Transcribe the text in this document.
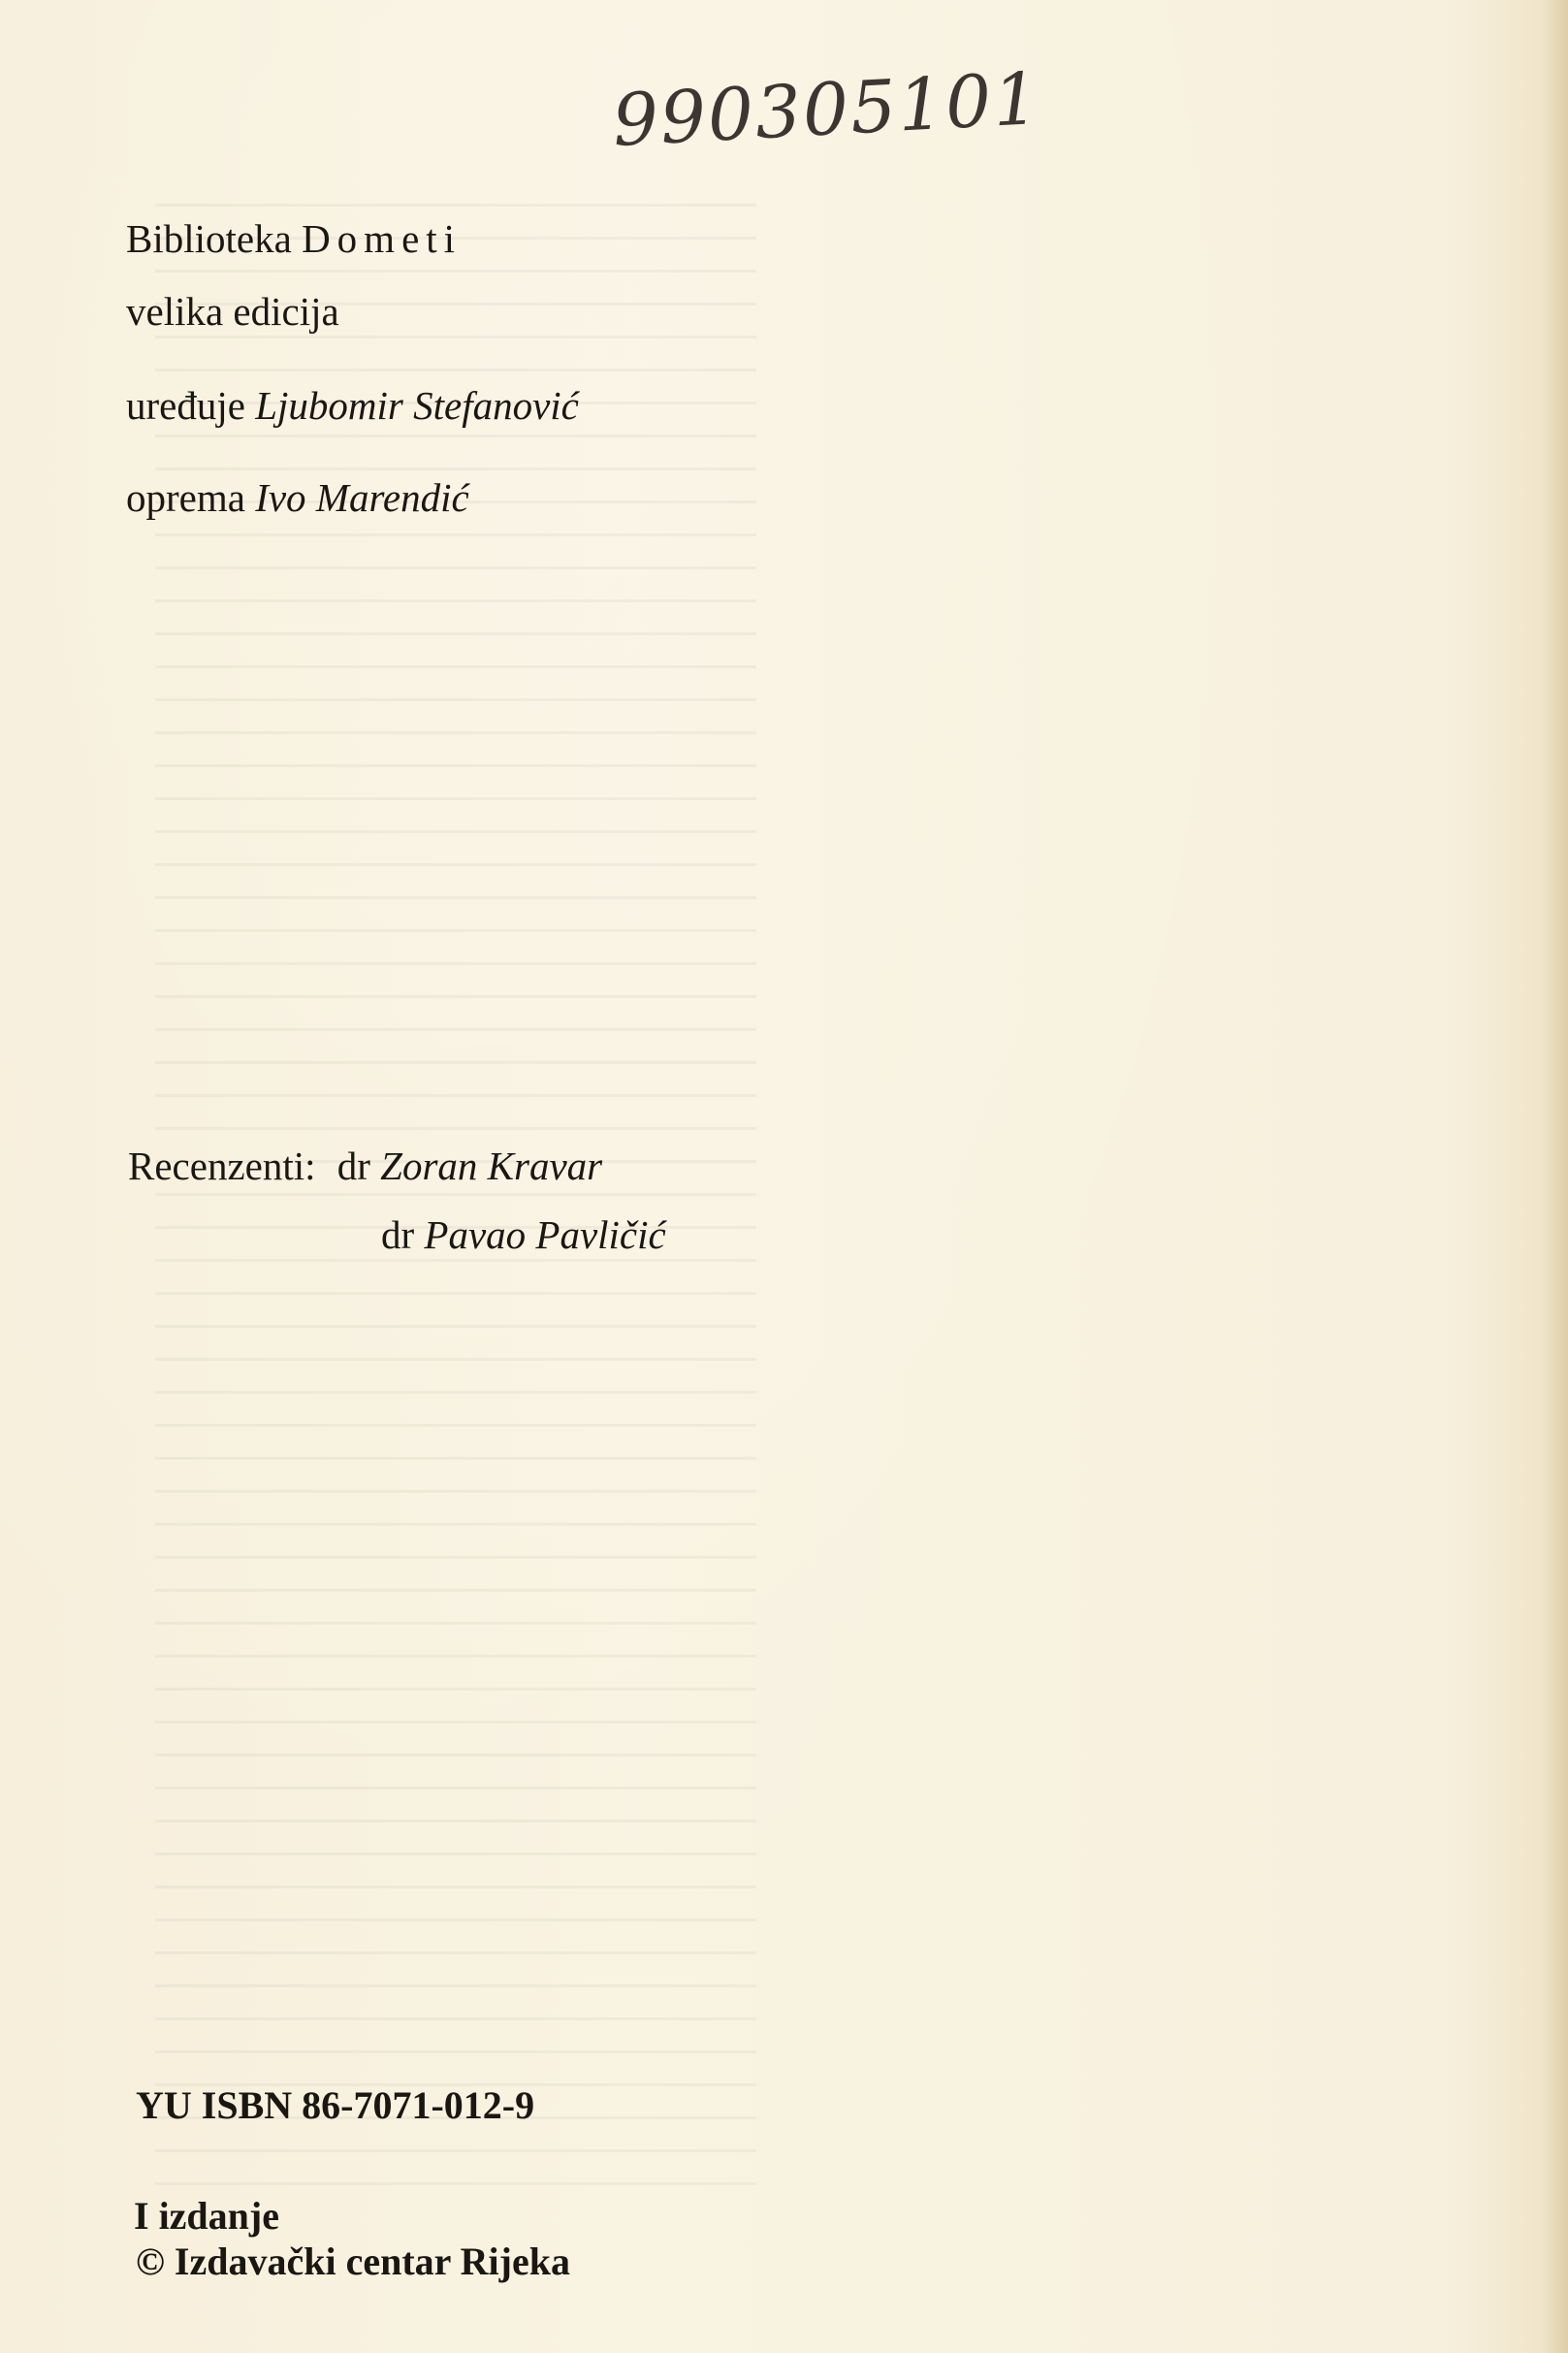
990305101
Biblioteka Dometi
velika edicija
uređuje Ljubomir Stefanović
oprema Ivo Marendić
Recenzenti: dr Zoran Kravar
dr Pavao Pavličić
YU ISBN 86-7071-012-9
I izdanje
© Izdavački centar Rijeka
